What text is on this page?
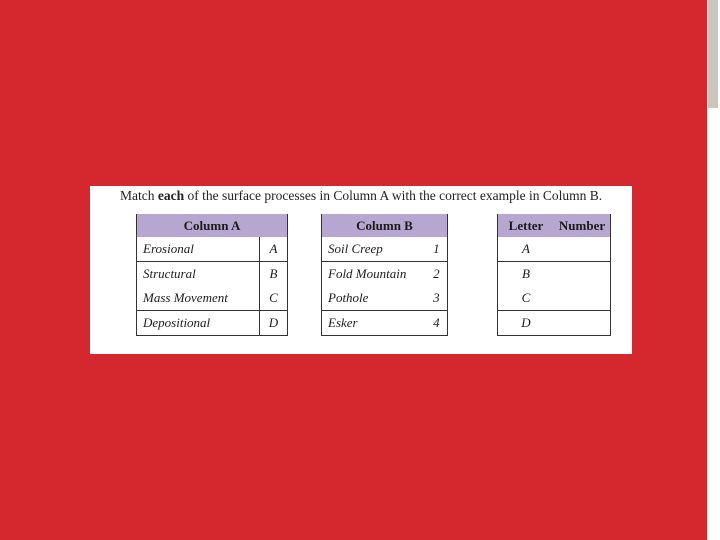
Match each of the surface processes in Column A with the correct example in Column B.
Column A	
Erosional	A
Structural	B
Mass Movement	C
Depositional	D
Column B	
Soil Creep	1
Fold Mountain	2
Pothole	3
Esker	4
Letter	Number
A	
B	
C	
D	
